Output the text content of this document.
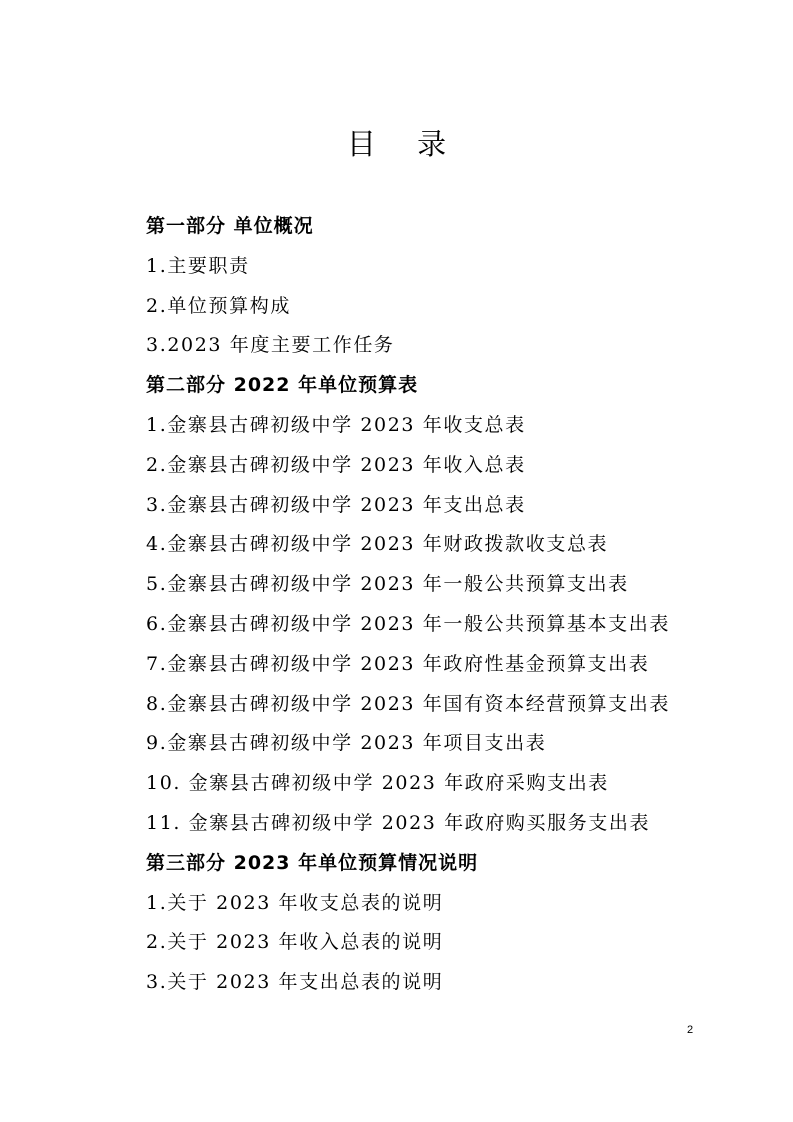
目 录
第一部分 单位概况
1.主要职责
2.单位预算构成
3.2023 年度主要工作任务
第二部分 2022 年单位预算表
1.金寨县古碑初级中学 2023 年收支总表
2.金寨县古碑初级中学 2023 年收入总表
3.金寨县古碑初级中学 2023 年支出总表
4.金寨县古碑初级中学 2023 年财政拨款收支总表
5.金寨县古碑初级中学 2023 年一般公共预算支出表
6.金寨县古碑初级中学 2023 年一般公共预算基本支出表
7.金寨县古碑初级中学 2023 年政府性基金预算支出表
8.金寨县古碑初级中学 2023 年国有资本经营预算支出表
9.金寨县古碑初级中学 2023 年项目支出表
10. 金寨县古碑初级中学 2023 年政府采购支出表
11. 金寨县古碑初级中学 2023 年政府购买服务支出表
第三部分 2023 年单位预算情况说明
1.关于 2023 年收支总表的说明
2.关于 2023 年收入总表的说明
3.关于 2023 年支出总表的说明
2
